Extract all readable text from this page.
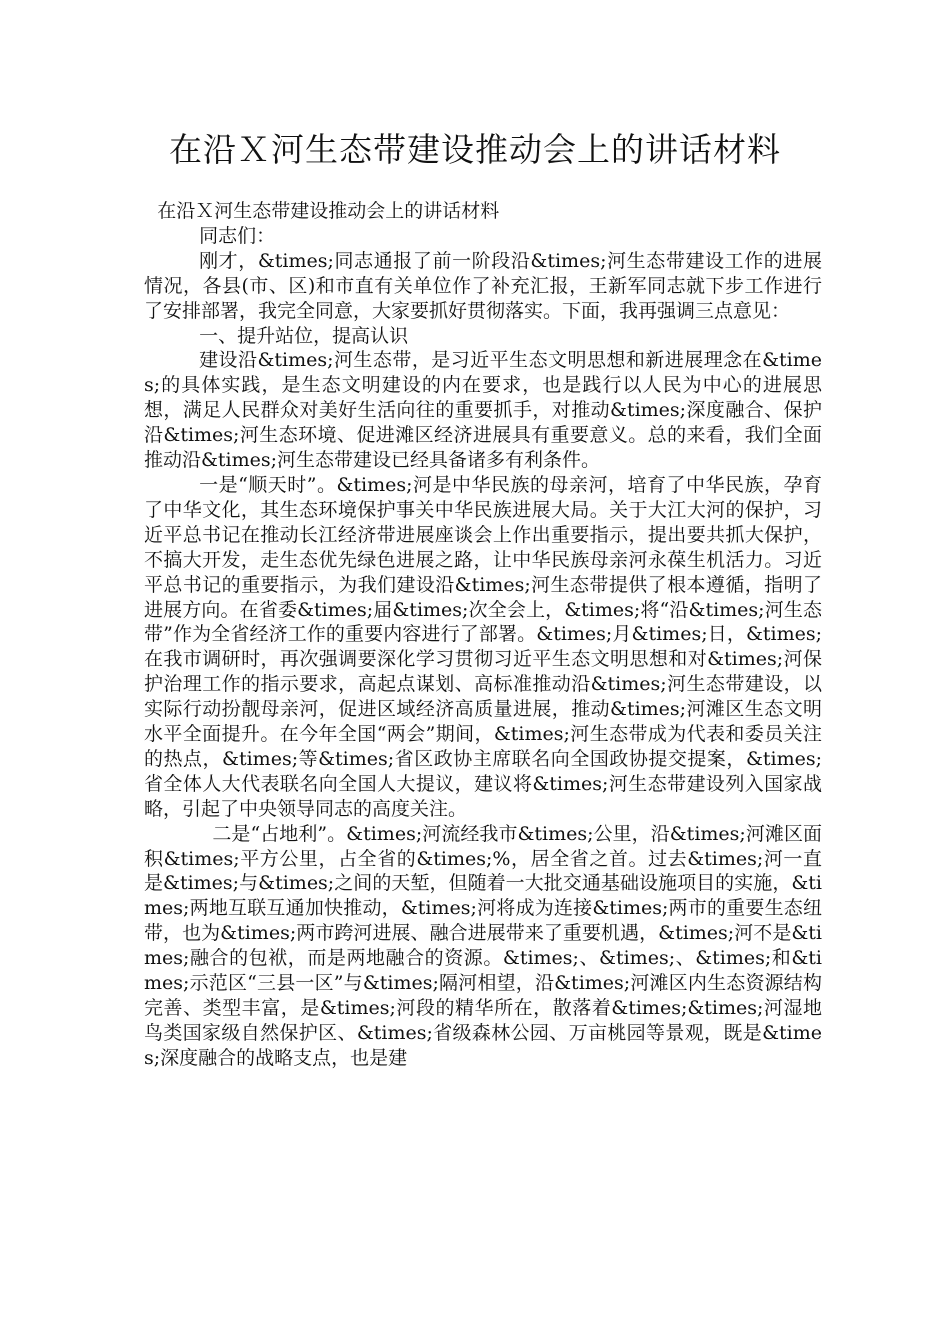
在沿Ｘ河生态带建设推动会上的讲话材料

在沿Ｘ河生态带建设推动会上的讲话材料

同志们：

刚才，&times;同志通报了前一阶段沿&times;河生态带建设工作的进展情况，各县(市、区)和市直有关单位作了补充汇报，王新军同志就下步工作进行了安排部署，我完全同意，大家要抓好贯彻落实。下面，我再强调三点意见：

一、提升站位，提高认识

建设沿&times;河生态带，是习近平生态文明思想和新进展理念在&times;的具体实践，是生态文明建设的内在要求，也是践行以人民为中心的进展思想，满足人民群众对美好生活向往的重要抓手，对推动&times;深度融合、保护沿&times;河生态环境、促进滩区经济进展具有重要意义。总的来看，我们全面推动沿&times;河生态带建设已经具备诸多有利条件。

一是“顺天时”。&times;河是中华民族的母亲河，培育了中华民族，孕育了中华文化，其生态环境保护事关中华民族进展大局。关于大江大河的保护，习近平总书记在推动长江经济带进展座谈会上作出重要指示，提出要共抓大保护，不搞大开发，走生态优先绿色进展之路，让中华民族母亲河永葆生机活力。习近平总书记的重要指示，为我们建设沿&times;河生态带提供了根本遵循，指明了进展方向。在省委&times;届&times;次全会上，&times;将“沿&times;河生态带”作为全省经济工作的重要内容进行了部署。&times;月&times;日，&times;在我市调研时，再次强调要深化学习贯彻习近平生态文明思想和对&times;河保护治理工作的指示要求，高起点谋划、高标准推动沿&times;河生态带建设，以实际行动扮靓母亲河，促进区域经济高质量进展，推动&times;河滩区生态文明水平全面提升。在今年全国“两会”期间，&times;河生态带成为代表和委员关注的热点，&times;等&times;省区政协主席联名向全国政协提交提案，&times;省全体人大代表联名向全国人大提议，建议将&times;河生态带建设列入国家战略，引起了中央领导同志的高度关注。

二是“占地利”。&times;河流经我市&times;公里，沿&times;河滩区面积&times;平方公里，占全省的&times;%，居全省之首。过去&times;河一直是&times;与&times;之间的天堑，但随着一大批交通基础设施项目的实施，&times;两地互联互通加快推动，&times;河将成为连接&times;两市的重要生态纽带，也为&times;两市跨河进展、融合进展带来了重要机遇，&times;河不是&times;融合的包袱，而是两地融合的资源。&times;、&times;、&times;和&times;示范区“三县一区”与&times;隔河相望，沿&times;河滩区内生态资源结构完善、类型丰富，是&times;河段的精华所在，散落着&times;&times;河湿地鸟类国家级自然保护区、&times;省级森林公园、万亩桃园等景观，既是&times;深度融合的战略支点，也是建
